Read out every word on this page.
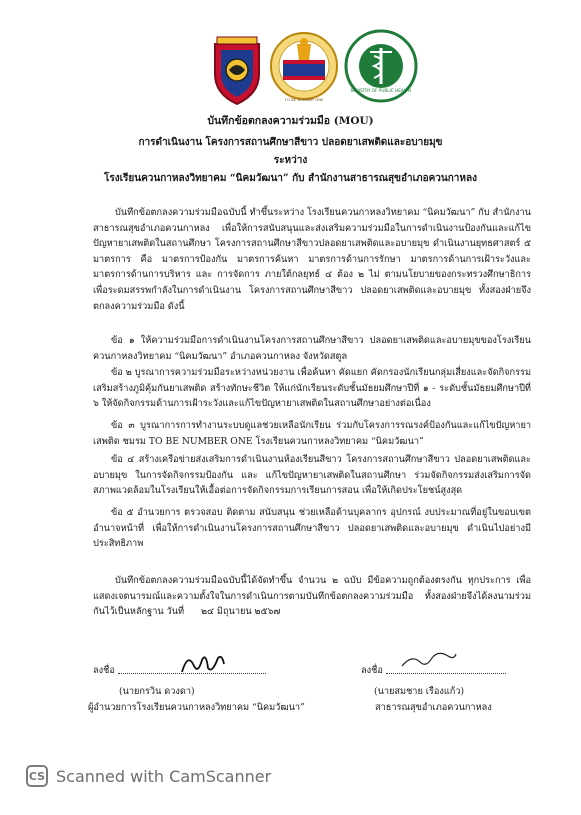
TO BE NUMBER ONE
MINISTRY OF PUBLIC HEALTH
บันทึกข้อตกลงความร่วมมือ (MOU)
การดำเนินงาน โครงการสถานศึกษาสีขาว ปลอดยาเสพติดและอบายมุข
ระหว่าง
โรงเรียนควนกาหลงวิทยาคม “นิคมวัฒนา” กับ สำนักงานสาธารณสุขอำเภอควนกาหลง
บันทึกข้อตกลงความร่วมมือฉบับนี้ ทำขึ้นระหว่าง โรงเรียนควนกาหลงวิทยาคม “นิคมวัฒนา” กับ สำนักงานสาธารณสุขอำเภอควนกาหลง เพื่อให้การสนับสนุนและส่งเสริมความร่วมมือในการดำเนินงานป้องกันและแก้ไขปัญหายาเสพติดในสถานศึกษา โครงการสถานศึกษาสีขาวปลอดยาเสพติดและอบายมุข ดำเนินงานยุทธศาสตร์ ๕ มาตรการ คือ มาตรการป้องกัน มาตรการค้นหา มาตรการด้านการรักษา มาตรการด้านการเฝ้าระวังและมาตรการด้านการบริหาร และ การจัดการ ภายใต้กลยุทธ์ ๔ ต้อง ๒ ไม่ ตามนโยบายของกระทรวงศึกษาธิการ เพื่อระดมสรรพกำลังในการดำเนินงาน โครงการสถานศึกษาสีขาว ปลอดยาเสพติดและอบายมุข ทั้งสองฝ่ายจึงตกลงความร่วมมือ ดังนี้
ข้อ ๑ ให้ความร่วมมือการดำเนินงานโครงการสถานศึกษาสีขาว ปลอดยาเสพติดและอบายมุขของโรงเรียนควนกาหลงวิทยาคม “นิคมวัฒนา” อำเภอควนกาหลง จังหวัดสตูล
ข้อ ๒ บูรณาการความร่วมมือระหว่างหน่วยงาน เพื่อค้นหา คัดแยก คัดกรองนักเรียนกลุ่มเสี่ยงและจัดกิจกรรมเสริมสร้างภูมิคุ้มกันยาเสพติด สร้างทักษะชีวิต ให้แก่นักเรียนระดับชั้นมัธยมศึกษาปีที่ ๑ - ระดับชั้นมัธยมศึกษาปีที่ ๖ ให้จัดกิจกรรมด้านการเฝ้าระวังและแก้ไขปัญหายาเสพติดในสถานศึกษาอย่างต่อเนื่อง
ข้อ ๓ บูรณาการการทำงานระบบดูแลช่วยเหลือนักเรียน ร่วมกับโครงการรณรงค์ป้องกันและแก้ไขปัญหายาเสพติด ชมรม TO BE NUMBER ONE โรงเรียนควนกาหลงวิทยาคม “นิคมวัฒนา”
ข้อ ๔ สร้างเครือข่ายส่งเสริมการดำเนินงานห้องเรียนสีขาว โครงการสถานศึกษาสีขาว ปลอดยาเสพติดและอบายมุข ในการจัดกิจกรรมป้องกัน และ แก้ไขปัญหายาเสพติดในสถานศึกษา ร่วมจัดกิจกรรมส่งเสริมการจัดสภาพแวดล้อมในโรงเรียนให้เอื้อต่อการจัดกิจกรรมการเรียนการสอน เพื่อให้เกิดประโยชน์สูงสุด
ข้อ ๕ อำนวยการ ตรวจสอบ ติดตาม สนับสนุน ช่วยเหลือด้านบุคลากร อุปกรณ์ งบประมาณที่อยู่ในขอบเขตอำนาจหน้าที่ เพื่อให้การดำเนินงานโครงการสถานศึกษาสีขาว ปลอดยาเสพติดและอบายมุข ดำเนินไปอย่างมีประสิทธิภาพ
บันทึกข้อตกลงความร่วมมือฉบับนี้ได้จัดทำขึ้น จำนวน ๒ ฉบับ มีข้อความถูกต้องตรงกัน ทุกประการ เพื่อแสดงเจตนารมณ์และความตั้งใจในการดำเนินการตามบันทึกข้อตกลงความร่วมมือ ทั้งสองฝ่ายจึงได้ลงนามร่วมกันไว้เป็นหลักฐาน วันที่ ๒๔ มิถุนายน ๒๕๖๗
ลงชื่อ
(นายกรวิน ดวงดา)
ผู้อำนวยการโรงเรียนควนกาหลงวิทยาคม “นิคมวัฒนา”
ลงชื่อ
(นายสมชาย เรืองแก้ว)
สาธารณสุขอำเภอควนกาหลง
CS Scanned with CamScanner
